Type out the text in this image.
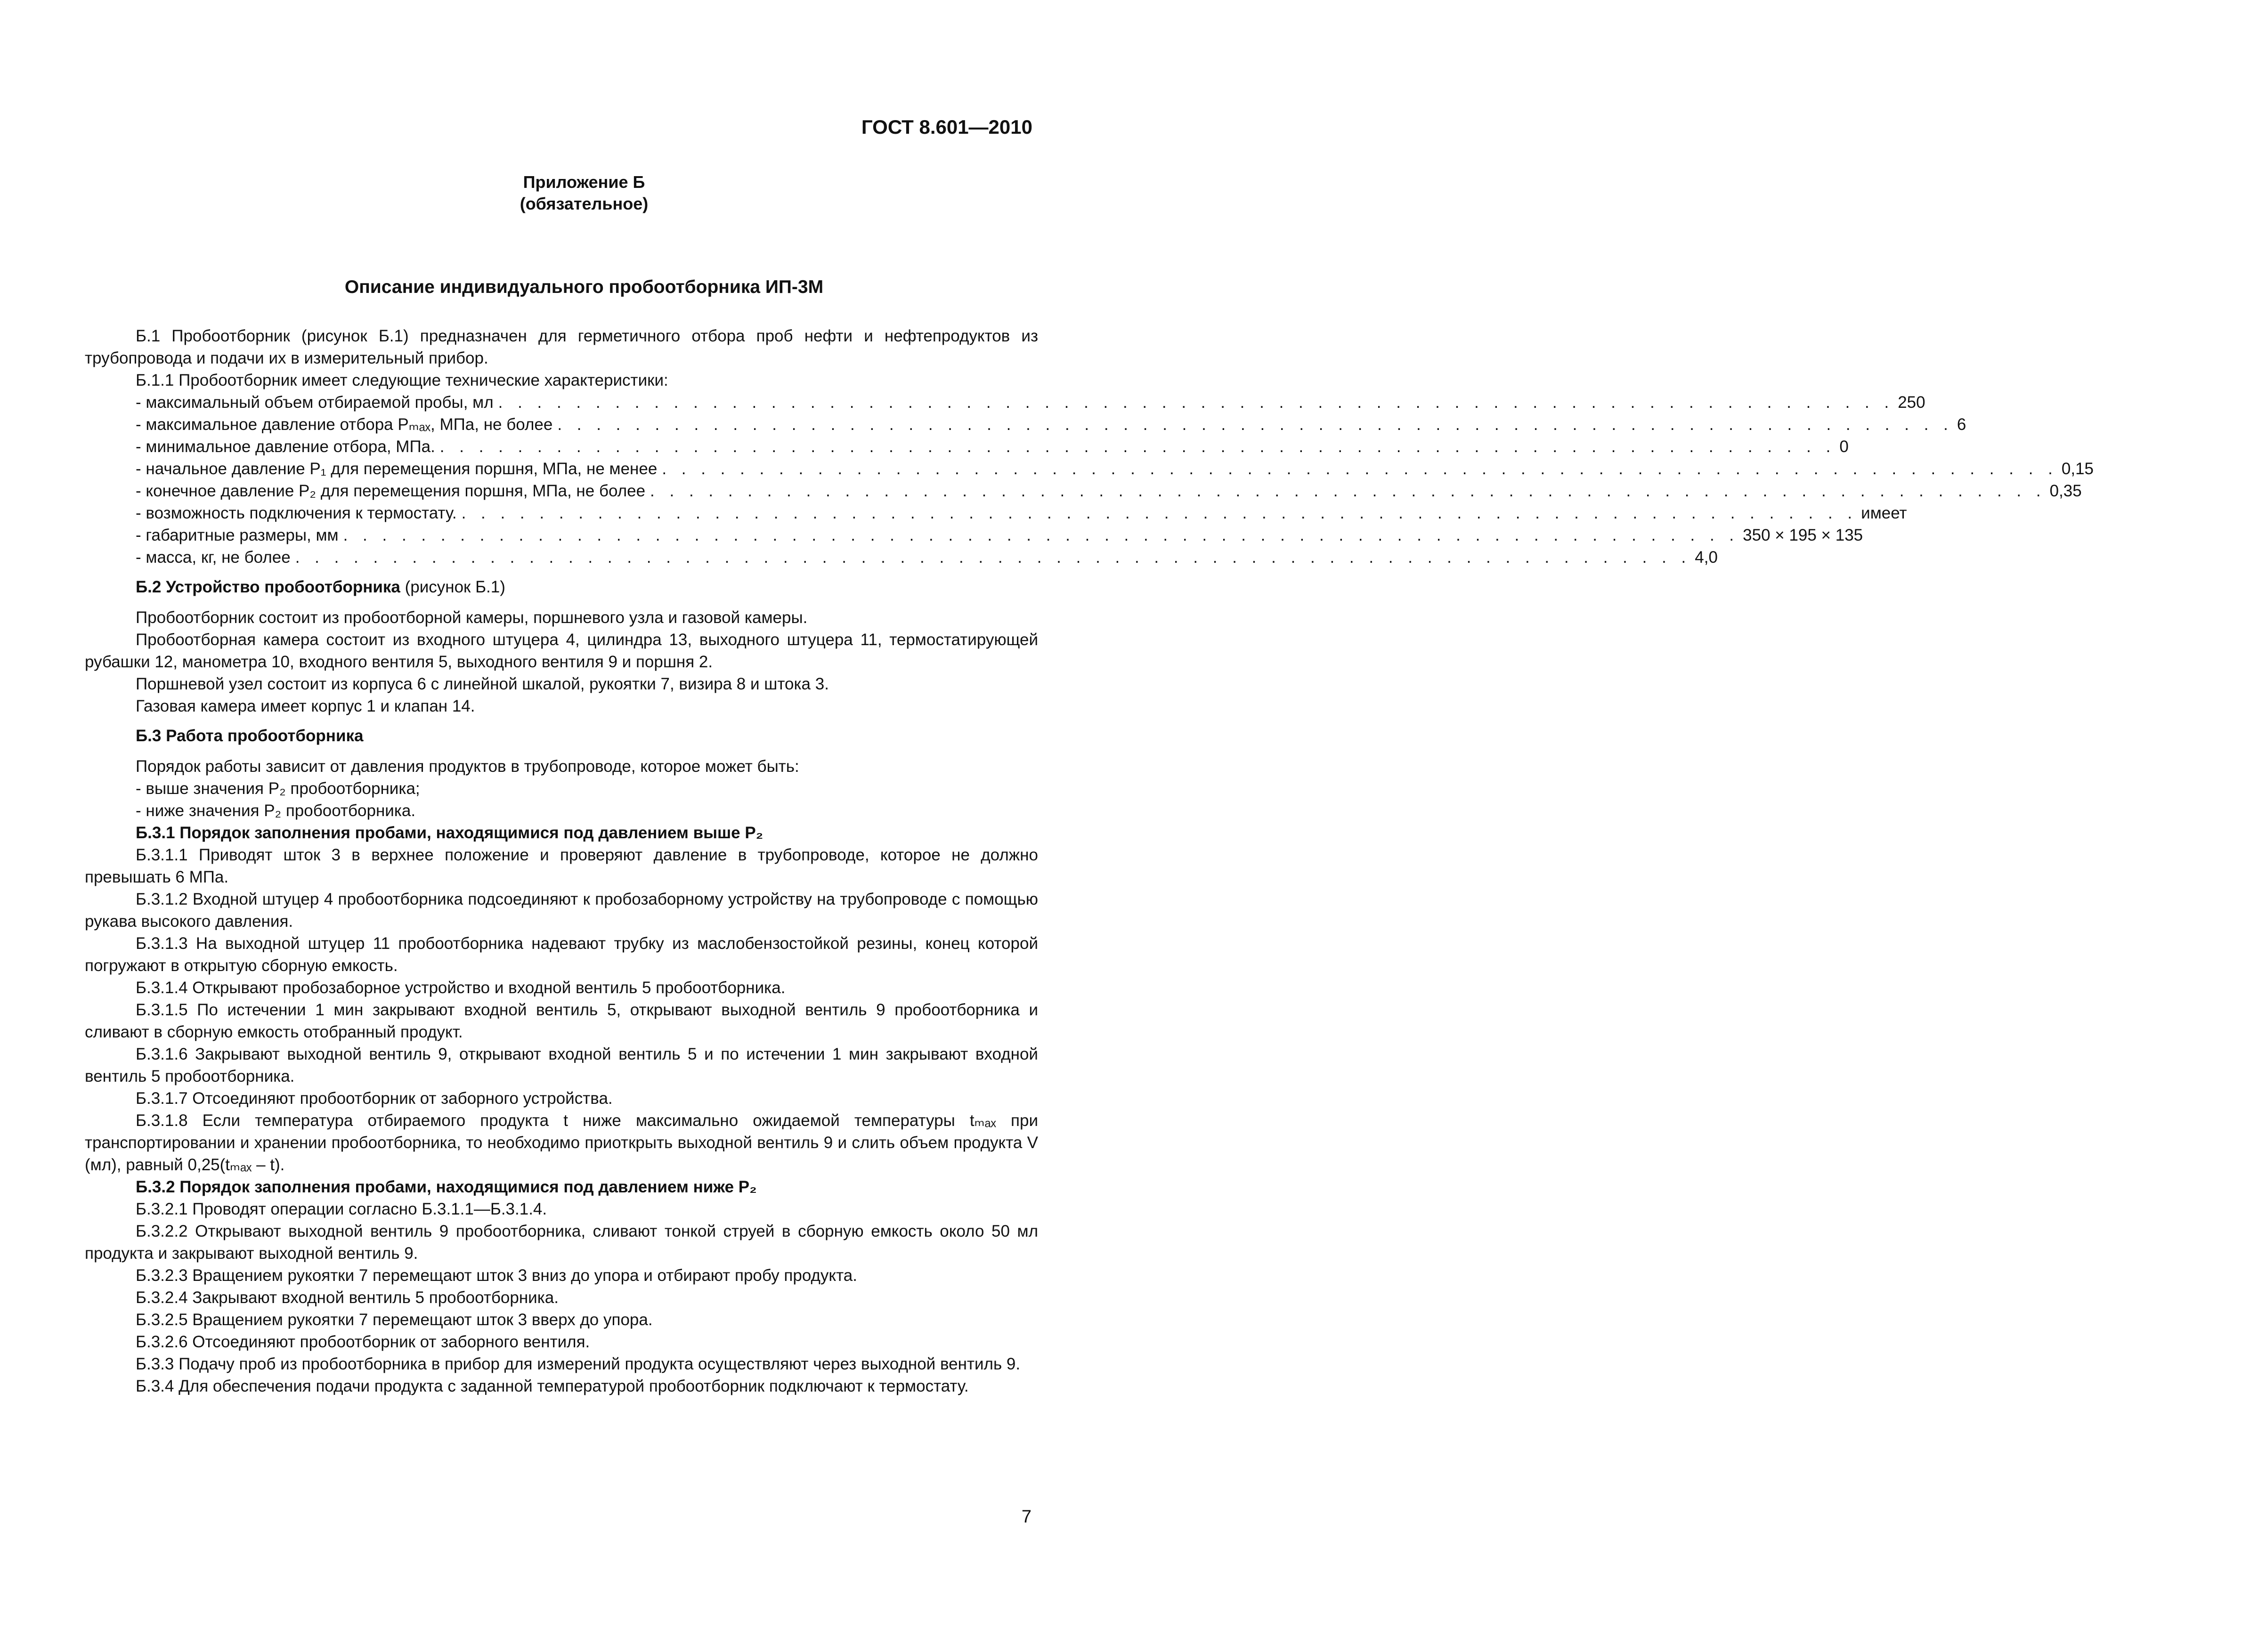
ГОСТ 8.601—2010
Приложение Б
(обязательное)
Описание индивидуального пробоотборника ИП-3М

Б.1 Пробоотборник (рисунок Б.1) предназначен для герметичного отбора проб нефти и нефтепродуктов из трубопровода и подачи их в измерительный прибор.

Б.1.1 Пробоотборник имеет следующие технические характеристики:

- максимальный объем отбираемой пробы, мл . . . . . . . . . . . . . . . . . . . . . . . . . . . . . . . . . . . . . . . . . . . . . . . . . . . . . . . . . . . . . . . . . . . . . . . . 250
- максимальное давление отбора Pₘₐₓ, МПа, не более . . . . . . . . . . . . . . . . . . . . . . . . . . . . . . . . . . . . . . . . . . . . . . . . . . . . . . . . . . . . . . . . . . . . . . . . 6
- минимальное давление отбора, МПа. . . . . . . . . . . . . . . . . . . . . . . . . . . . . . . . . . . . . . . . . . . . . . . . . . . . . . . . . . . . . . . . . . . . . . . . . 0
- начальное давление P₁ для перемещения поршня, МПа, не менее . . . . . . . . . . . . . . . . . . . . . . . . . . . . . . . . . . . . . . . . . . . . . . . . . . . . . . . . . . . . . . . . . . . . . . . . 0,15
- конечное давление P₂ для перемещения поршня, МПа, не более . . . . . . . . . . . . . . . . . . . . . . . . . . . . . . . . . . . . . . . . . . . . . . . . . . . . . . . . . . . . . . . . . . . . . . . . 0,35
- возможность подключения к термостату. . . . . . . . . . . . . . . . . . . . . . . . . . . . . . . . . . . . . . . . . . . . . . . . . . . . . . . . . . . . . . . . . . . . . . . . . имеет
- габаритные размеры, мм . . . . . . . . . . . . . . . . . . . . . . . . . . . . . . . . . . . . . . . . . . . . . . . . . . . . . . . . . . . . . . . . . . . . . . . . 350 × 195 × 135
- масса, кг, не более . . . . . . . . . . . . . . . . . . . . . . . . . . . . . . . . . . . . . . . . . . . . . . . . . . . . . . . . . . . . . . . . . . . . . . . . 4,0

Б.2 Устройство пробоотборника (рисунок Б.1)

Пробоотборник состоит из пробоотборной камеры, поршневого узла и газовой камеры.

Пробоотборная камера состоит из входного штуцера 4, цилиндра 13, выходного штуцера 11, термостатирующей рубашки 12, манометра 10, входного вентиля 5, выходного вентиля 9 и поршня 2.

Поршневой узел состоит из корпуса 6 с линейной шкалой, рукоятки 7, визира 8 и штока 3.

Газовая камера имеет корпус 1 и клапан 14.

Б.3 Работа пробоотборника

Порядок работы зависит от давления продуктов в трубопроводе, которое может быть:

- выше значения P₂ пробоотборника;

- ниже значения P₂ пробоотборника.

Б.3.1 Порядок заполнения пробами, находящимися под давлением выше P₂

Б.3.1.1 Приводят шток 3 в верхнее положение и проверяют давление в трубопроводе, которое не должно превышать 6 МПа.

Б.3.1.2 Входной штуцер 4 пробоотборника подсоединяют к пробозаборному устройству на трубопроводе с помощью рукава высокого давления.

Б.3.1.3 На выходной штуцер 11 пробоотборника надевают трубку из маслобензостойкой резины, конец которой погружают в открытую сборную емкость.

Б.3.1.4 Открывают пробозаборное устройство и входной вентиль 5 пробоотборника.

Б.3.1.5 По истечении 1 мин закрывают входной вентиль 5, открывают выходной вентиль 9 пробоотборника и сливают в сборную емкость отобранный продукт.

Б.3.1.6 Закрывают выходной вентиль 9, открывают входной вентиль 5 и по истечении 1 мин закрывают входной вентиль 5 пробоотборника.

Б.3.1.7 Отсоединяют пробоотборник от заборного устройства.

Б.3.1.8 Если температура отбираемого продукта t ниже максимально ожидаемой температуры tₘₐₓ при транспортировании и хранении пробоотборника, то необходимо приоткрыть выходной вентиль 9 и слить объем продукта V (мл), равный 0,25(tₘₐₓ – t).

Б.3.2 Порядок заполнения пробами, находящимися под давлением ниже P₂

Б.3.2.1 Проводят операции согласно Б.3.1.1—Б.3.1.4.

Б.3.2.2 Открывают выходной вентиль 9 пробоотборника, сливают тонкой струей в сборную емкость около 50 мл продукта и закрывают выходной вентиль 9.

Б.3.2.3 Вращением рукоятки 7 перемещают шток 3 вниз до упора и отбирают пробу продукта.

Б.3.2.4 Закрывают входной вентиль 5 пробоотборника.

Б.3.2.5 Вращением рукоятки 7 перемещают шток 3 вверх до упора.

Б.3.2.6 Отсоединяют пробоотборник от заборного вентиля.

Б.3.3 Подачу проб из пробоотборника в прибор для измерений продукта осуществляют через выходной вентиль 9.

Б.3.4 Для обеспечения подачи продукта с заданной температурой пробоотборник подключают к термостату.

7
